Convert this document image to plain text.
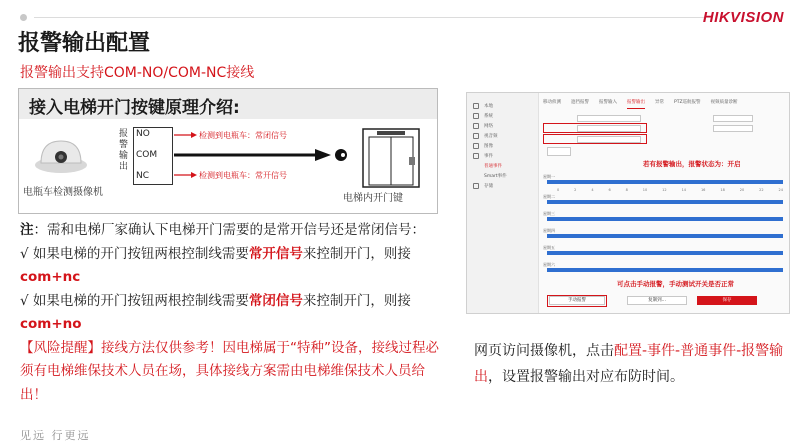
HIKVISION
报警输出配置
报警输出支持COM-NO/COM-NC接线
接入电梯开门按键原理介绍:
电瓶车检测摄像机
报警输出
NO
COM
NC
检测到电瓶车：常闭信号
检测到电瓶车：常开信号
电梯内开门键
注：需和电梯厂家确认下电梯开门需要的是常开信号还是常闭信号：
√ 如果电梯的开门按钮两根控制线需要常开信号来控制开门，则接com+nc
√ 如果电梯的开门按钮两根控制线需要常闭信号来控制开门，则接com+no
【风险提醒】接线方法仅供参考！因电梯属于“特种”设备，接线过程必须有电梯维保技术人员在场，具体接线方案需由电梯维保技术人员给出！
本地
系统
网络
视音频
图像
事件
普通事件
Smart事件
存储
移动侦测 遮挡报警 报警输入 报警输出 异常 PTZ巡航报警 视频质量诊断
若有报警输出，报警状态为：开启
星期一
0	2	4	6	8	10	12	14	16	18	20	22	24
星期二
星期三
星期四
星期五
星期六
可点击手动报警，手动测试开关是否正常
手动报警	复制到...	保存
网页访问摄像机，点击配置-事件-普通事件-报警输出，设置报警输出对应布防时间。
见远 行更远
